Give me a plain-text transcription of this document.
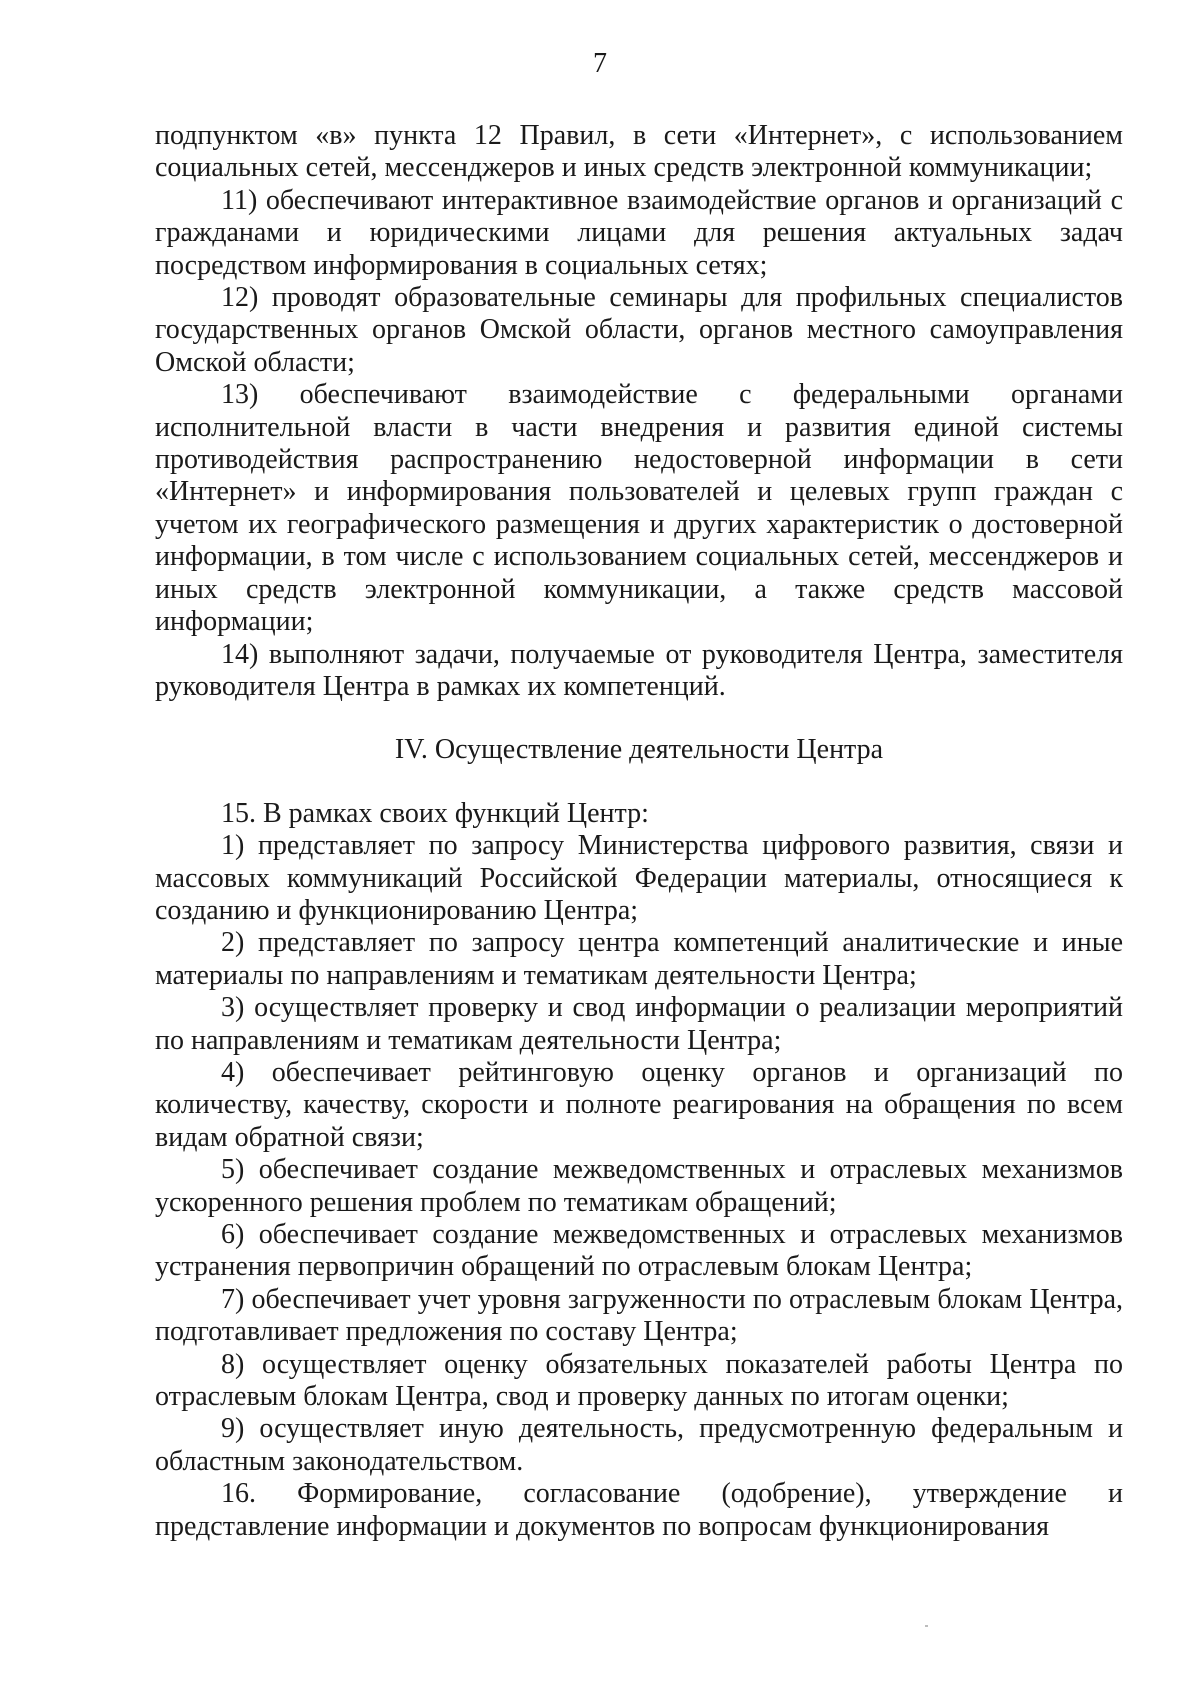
7

подпунктом «в» пункта 12 Правил, в сети «Интернет», с использованием социальных сетей, мессенджеров и иных средств электронной коммуникации;

11) обеспечивают интерактивное взаимодействие органов и организаций с гражданами и юридическими лицами для решения актуальных задач посредством информирования в социальных сетях;

12) проводят образовательные семинары для профильных специалистов государственных органов Омской области, органов местного самоуправления Омской области;

13) обеспечивают взаимодействие с федеральными органами исполнительной власти в части внедрения и развития единой системы противодействия распространению недостоверной информации в сети «Интернет» и информирования пользователей и целевых групп граждан с учетом их географического размещения и других характеристик о достоверной информации, в том числе с использованием социальных сетей, мессенджеров и иных средств электронной коммуникации, а также средств массовой информации;

14) выполняют задачи, получаемые от руководителя Центра, заместителя руководителя Центра в рамках их компетенций.

IV. Осуществление деятельности Центра

15. В рамках своих функций Центр:

1) представляет по запросу Министерства цифрового развития, связи и массовых коммуникаций Российской Федерации материалы, относящиеся к созданию и функционированию Центра;

2) представляет по запросу центра компетенций аналитические и иные материалы по направлениям и тематикам деятельности Центра;

3) осуществляет проверку и свод информации о реализации мероприятий по направлениям и тематикам деятельности Центра;

4) обеспечивает рейтинговую оценку органов и организаций по количеству, качеству, скорости и полноте реагирования на обращения по всем видам обратной связи;

5) обеспечивает создание межведомственных и отраслевых механизмов ускоренного решения проблем по тематикам обращений;

6) обеспечивает создание межведомственных и отраслевых механизмов устранения первопричин обращений по отраслевым блокам Центра;

7) обеспечивает учет уровня загруженности по отраслевым блокам Центра, подготавливает предложения по составу Центра;

8) осуществляет оценку обязательных показателей работы Центра по отраслевым блокам Центра, свод и проверку данных по итогам оценки;

9) осуществляет иную деятельность, предусмотренную федеральным и областным законодательством.

16. Формирование, согласование (одобрение), утверждение и представление информации и документов по вопросам функционирования
